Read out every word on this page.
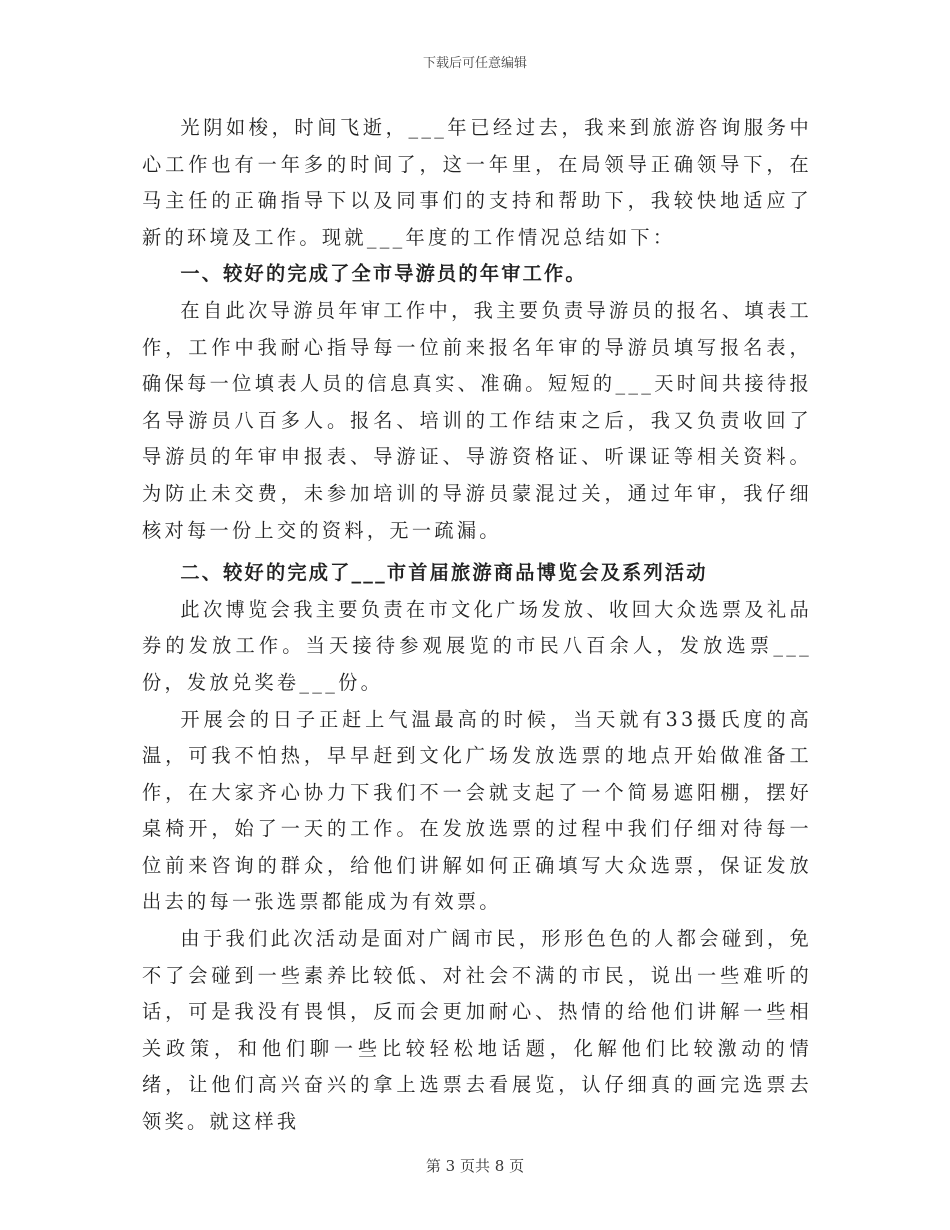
下载后可任意编辑

光阴如梭，时间飞逝，___年已经过去，我来到旅游咨询服务中心工作也有一年多的时间了，这一年里，在局领导正确领导下，在马主任的正确指导下以及同事们的支持和帮助下，我较快地适应了新的环境及工作。现就___年度的工作情况总结如下：

一、较好的完成了全市导游员的年审工作。

在自此次导游员年审工作中，我主要负责导游员的报名、填表工作，工作中我耐心指导每一位前来报名年审的导游员填写报名表，确保每一位填表人员的信息真实、准确。短短的___天时间共接待报名导游员八百多人。报名、培训的工作结束之后，我又负责收回了导游员的年审申报表、导游证、导游资格证、听课证等相关资料。为防止未交费，未参加培训的导游员蒙混过关，通过年审，我仔细核对每一份上交的资料，无一疏漏。

二、较好的完成了___市首届旅游商品博览会及系列活动

此次博览会我主要负责在市文化广场发放、收回大众选票及礼品券的发放工作。当天接待参观展览的市民八百余人，发放选票___份，发放兑奖卷___份。

开展会的日子正赶上气温最高的时候，当天就有33摄氏度的高温，可我不怕热，早早赶到文化广场发放选票的地点开始做准备工作，在大家齐心协力下我们不一会就支起了一个简易遮阳棚，摆好桌椅开，始了一天的工作。在发放选票的过程中我们仔细对待每一位前来咨询的群众，给他们讲解如何正确填写大众选票，保证发放出去的每一张选票都能成为有效票。

由于我们此次活动是面对广阔市民，形形色色的人都会碰到，免不了会碰到一些素养比较低、对社会不满的市民，说出一些难听的话，可是我没有畏惧，反而会更加耐心、热情的给他们讲解一些相关政策，和他们聊一些比较轻松地话题，化解他们比较激动的情绪，让他们高兴奋兴的拿上选票去看展览，认仔细真的画完选票去领奖。就这样我

第 3 页共 8 页
